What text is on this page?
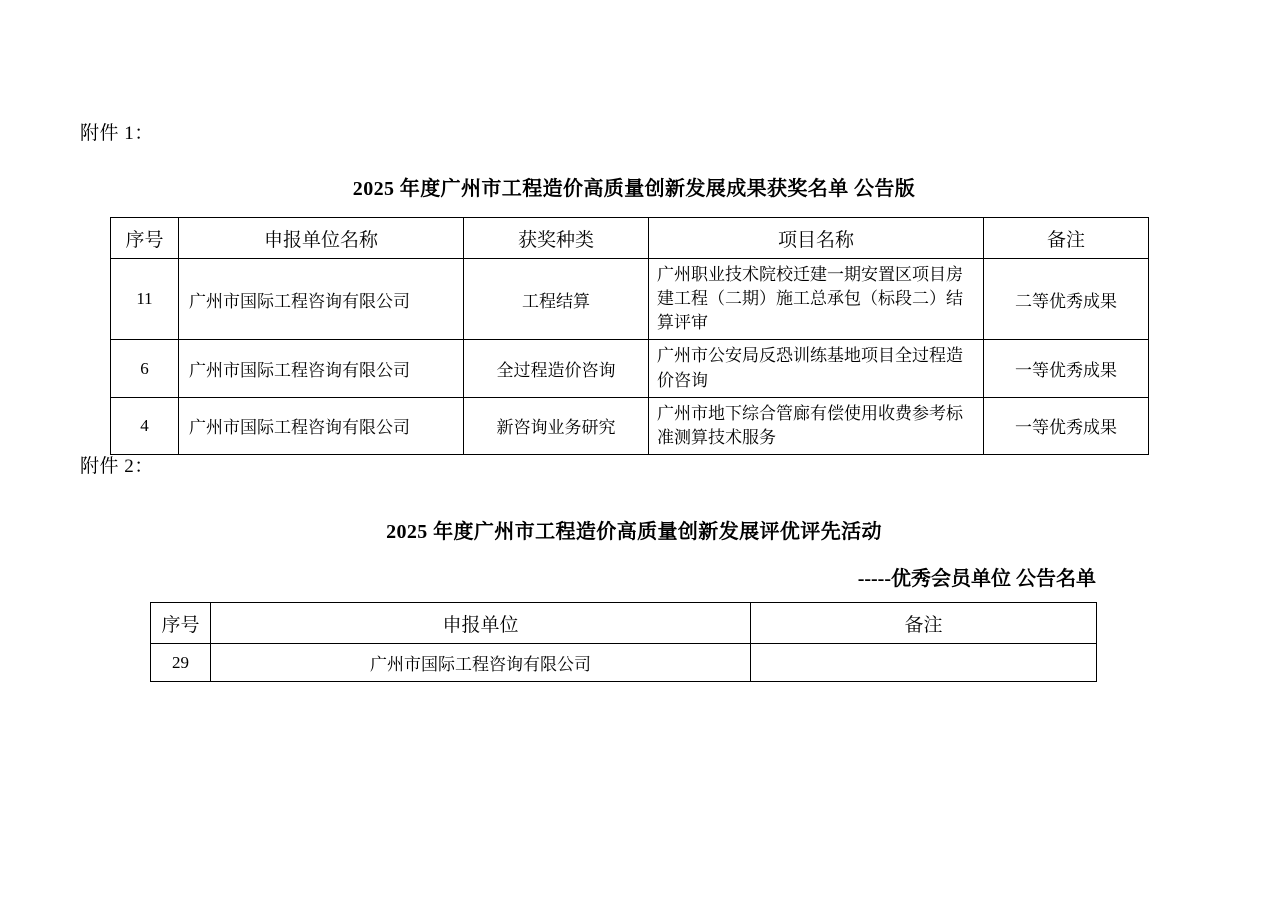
附件 1：
2025 年度广州市工程造价高质量创新发展成果获奖名单 公告版
序号	申报单位名称	获奖种类	项目名称	备注
11	广州市国际工程咨询有限公司	工程结算	广州职业技术院校迁建一期安置区项目房建工程（二期）施工总承包（标段二）结算评审	二等优秀成果
6	广州市国际工程咨询有限公司	全过程造价咨询	广州市公安局反恐训练基地项目全过程造价咨询	一等优秀成果
4	广州市国际工程咨询有限公司	新咨询业务研究	广州市地下综合管廊有偿使用收费参考标准测算技术服务	一等优秀成果
附件 2：
2025 年度广州市工程造价高质量创新发展评优评先活动
-----优秀会员单位 公告名单
序号	申报单位	备注
29	广州市国际工程咨询有限公司	
